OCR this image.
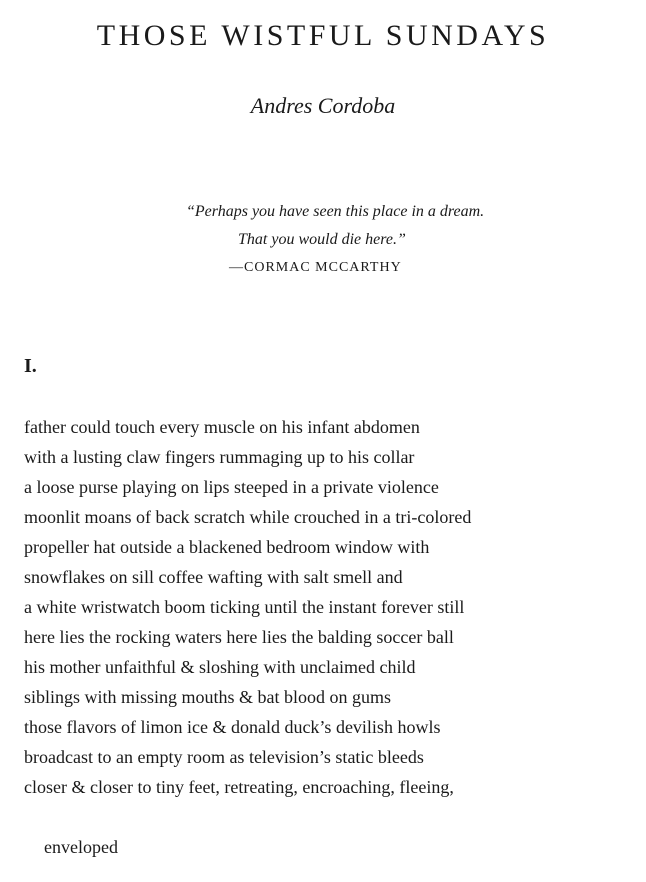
THOSE WISTFUL SUNDAYS
Andres Cordoba
“Perhaps you have seen this place in a dream.
That you would die here.”
—CORMAC MCCARTHY
I.
father could touch every muscle on his infant abdomen
with a lusting claw fingers rummaging up to his collar
a loose purse playing on lips steeped in a private violence
moonlit moans of back scratch while crouched in a tri-colored
propeller hat outside a blackened bedroom window with
snowflakes on sill coffee wafting with salt smell and
a white wristwatch boom ticking until the instant forever still
here lies the rocking waters here lies the balding soccer ball
his mother unfaithful & sloshing with unclaimed child
siblings with missing mouths & bat blood on gums
those flavors of limon ice & donald duck’s devilish howls
broadcast to an empty room as television’s static bleeds
closer & closer to tiny feet, retreating, encroaching, fleeing,
enveloped
